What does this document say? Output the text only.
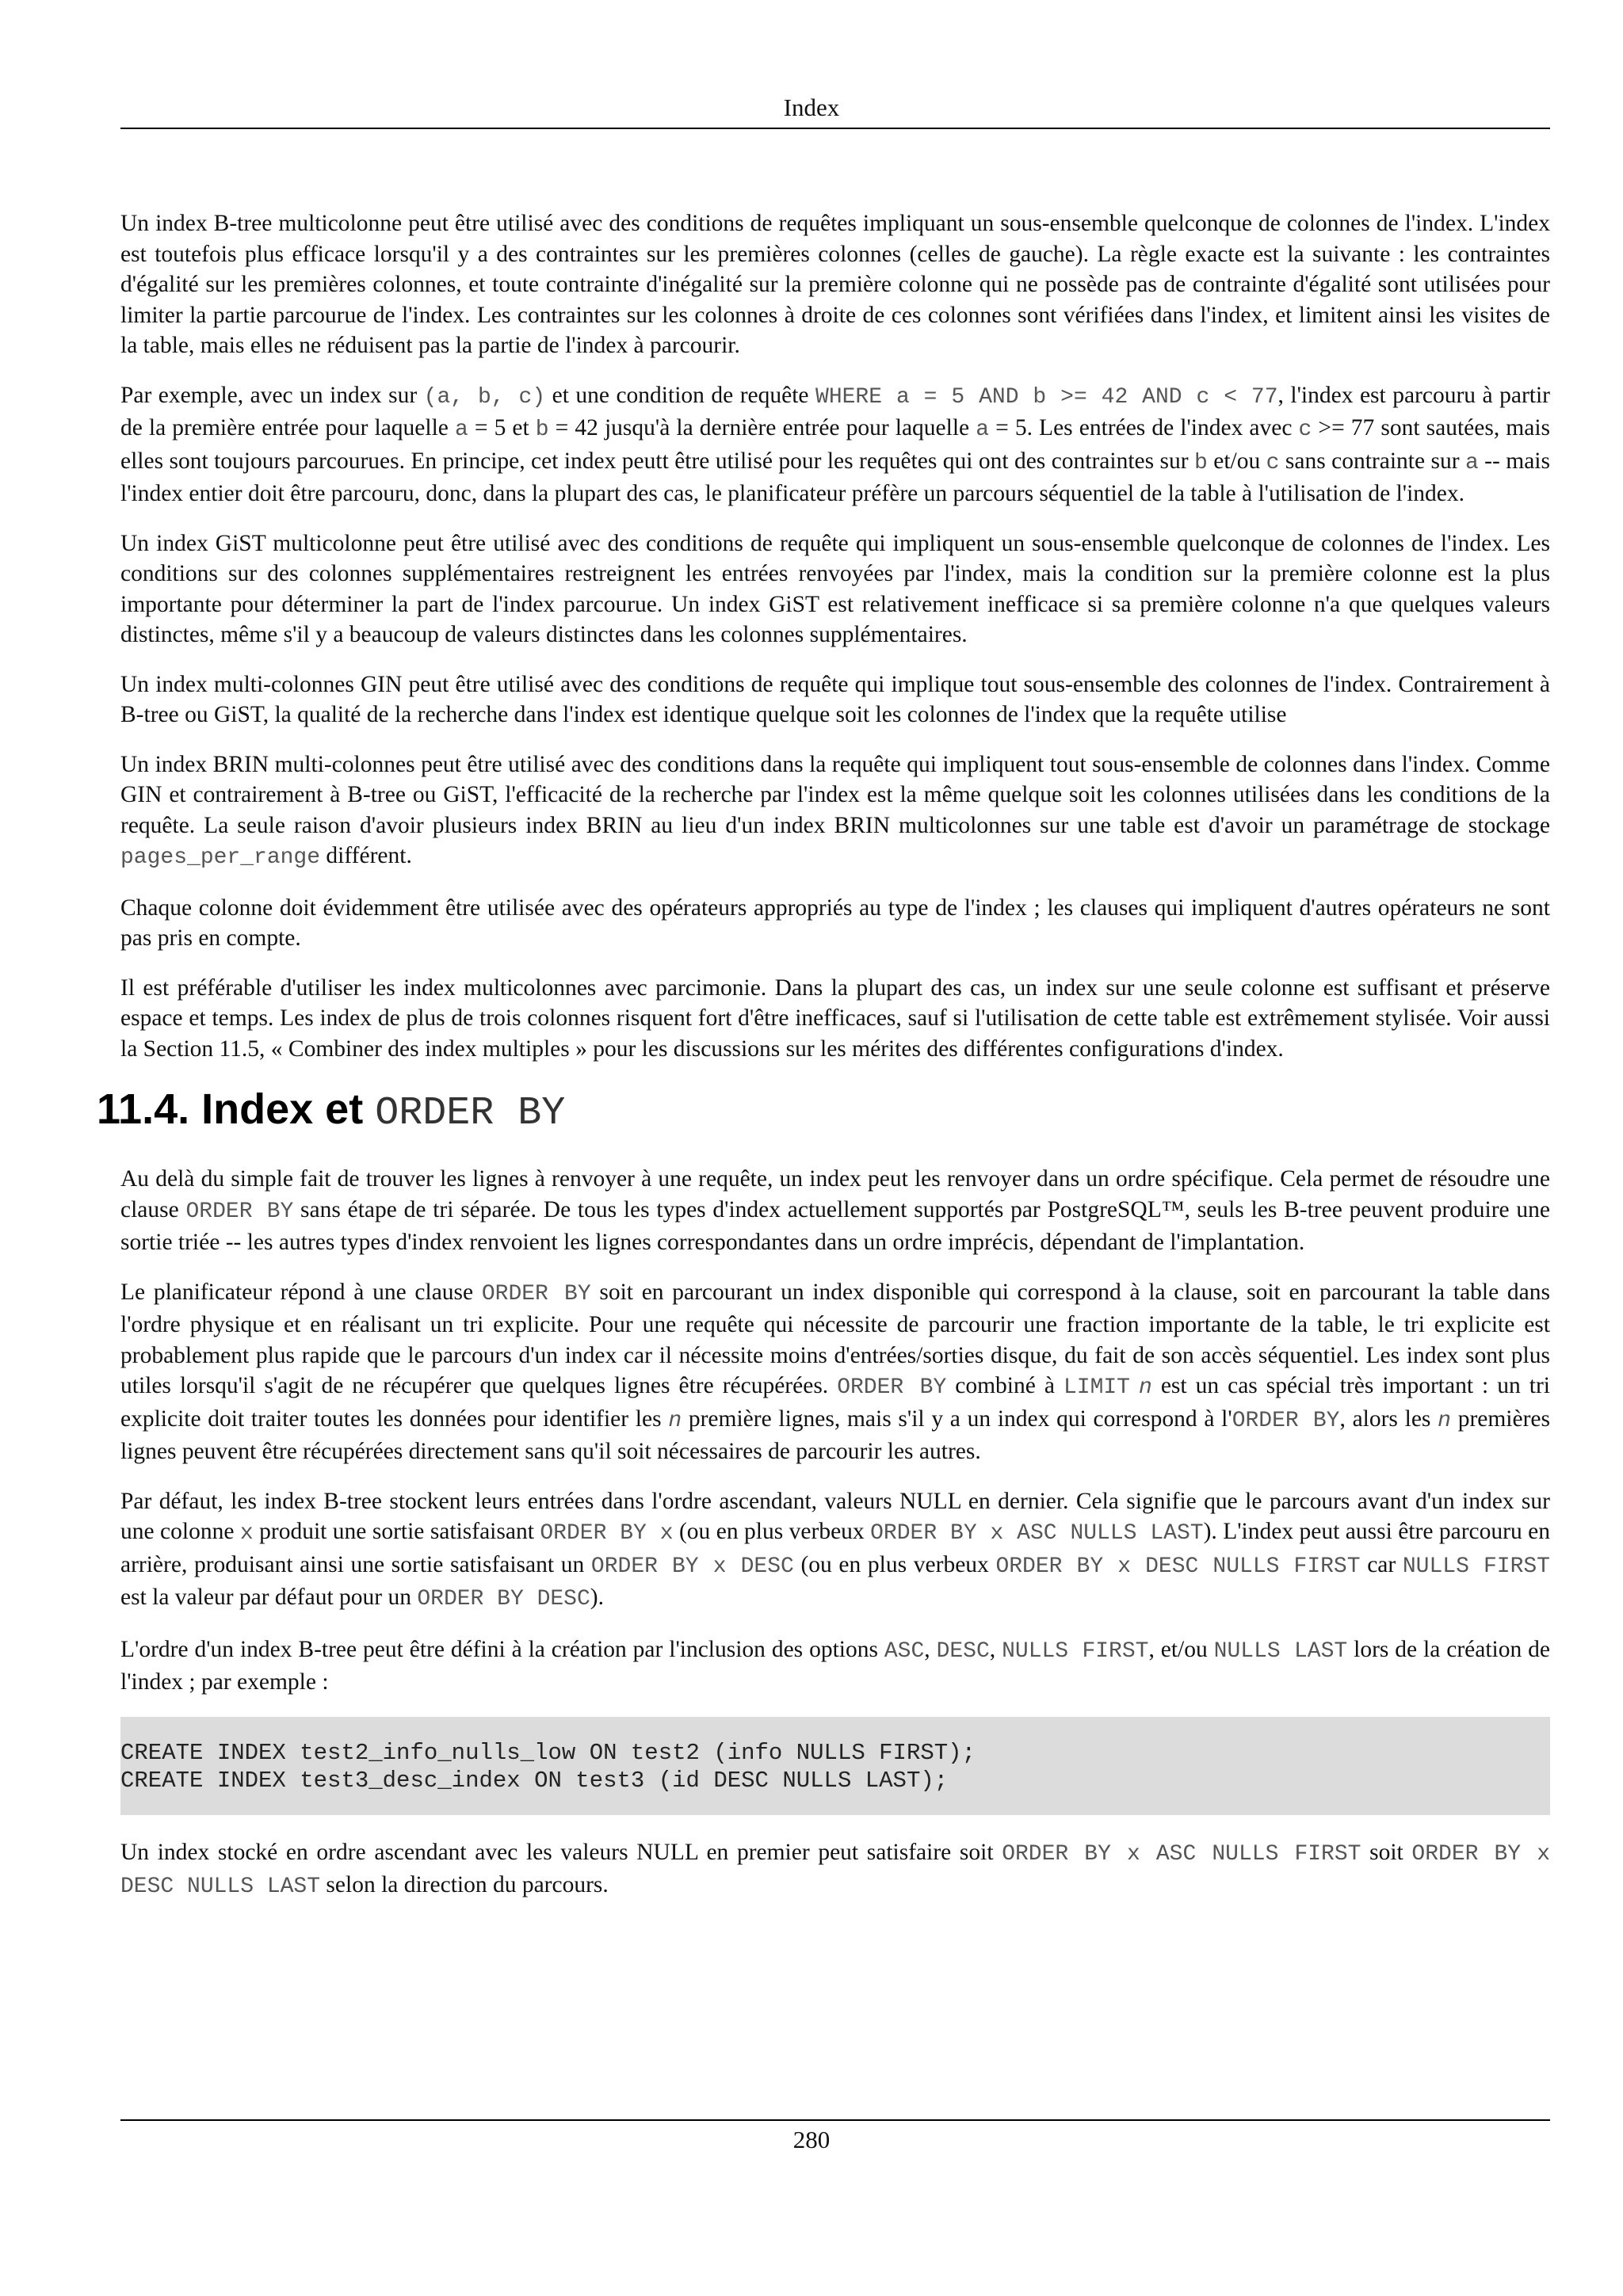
Index

Un index B-tree multicolonne peut être utilisé avec des conditions de requêtes impliquant un sous-ensemble quelconque de colonnes de l'index. L'index est toutefois plus efficace lorsqu'il y a des contraintes sur les premières colonnes (celles de gauche). La règle exacte est la suivante : les contraintes d'égalité sur les premières colonnes, et toute contrainte d'inégalité sur la première colonne qui ne possède pas de contrainte d'égalité sont utilisées pour limiter la partie parcourue de l'index. Les contraintes sur les colonnes à droite de ces colonnes sont vérifiées dans l'index, et limitent ainsi les visites de la table, mais elles ne réduisent pas la partie de l'index à parcourir.

Par exemple, avec un index sur (a, b, c) et une condition de requête WHERE a = 5 AND b >= 42 AND c < 77, l'index est parcouru à partir de la première entrée pour laquelle a = 5 et b = 42 jusqu'à la dernière entrée pour laquelle a = 5. Les entrées de l'index avec c >= 77 sont sautées, mais elles sont toujours parcourues. En principe, cet index peutt être utilisé pour les requêtes qui ont des contraintes sur b et/ou c sans contrainte sur a -- mais l'index entier doit être parcouru, donc, dans la plupart des cas, le planificateur préfère un parcours séquentiel de la table à l'utilisation de l'index.

Un index GiST multicolonne peut être utilisé avec des conditions de requête qui impliquent un sous-ensemble quelconque de colonnes de l'index. Les conditions sur des colonnes supplémentaires restreignent les entrées renvoyées par l'index, mais la condition sur la première colonne est la plus importante pour déterminer la part de l'index parcourue. Un index GiST est relativement inefficace si sa première colonne n'a que quelques valeurs distinctes, même s'il y a beaucoup de valeurs distinctes dans les colonnes supplémentaires.

Un index multi-colonnes GIN peut être utilisé avec des conditions de requête qui implique tout sous-ensemble des colonnes de l'index. Contrairement à B-tree ou GiST, la qualité de la recherche dans l'index est identique quelque soit les colonnes de l'index que la requête utilise

Un index BRIN multi-colonnes peut être utilisé avec des conditions dans la requête qui impliquent tout sous-ensemble de colonnes dans l'index. Comme GIN et contrairement à B-tree ou GiST, l'efficacité de la recherche par l'index est la même quelque soit les colonnes utilisées dans les conditions de la requête. La seule raison d'avoir plusieurs index BRIN au lieu d'un index BRIN multicolonnes sur une table est d'avoir un paramétrage de stockage pages_per_range différent.

Chaque colonne doit évidemment être utilisée avec des opérateurs appropriés au type de l'index ; les clauses qui impliquent d'autres opérateurs ne sont pas pris en compte.

Il est préférable d'utiliser les index multicolonnes avec parcimonie. Dans la plupart des cas, un index sur une seule colonne est suffisant et préserve espace et temps. Les index de plus de trois colonnes risquent fort d'être inefficaces, sauf si l'utilisation de cette table est extrêmement stylisée. Voir aussi la Section 11.5, « Combiner des index multiples » pour les discussions sur les mérites des différentes configurations d'index.

11.4. Index et ORDER BY

Au delà du simple fait de trouver les lignes à renvoyer à une requête, un index peut les renvoyer dans un ordre spécifique. Cela permet de résoudre une clause ORDER BY sans étape de tri séparée. De tous les types d'index actuellement supportés par PostgreSQL™, seuls les B-tree peuvent produire une sortie triée -- les autres types d'index renvoient les lignes correspondantes dans un ordre imprécis, dépendant de l'implantation.

Le planificateur répond à une clause ORDER BY soit en parcourant un index disponible qui correspond à la clause, soit en parcourant la table dans l'ordre physique et en réalisant un tri explicite. Pour une requête qui nécessite de parcourir une fraction importante de la table, le tri explicite est probablement plus rapide que le parcours d'un index car il nécessite moins d'entrées/sorties disque, du fait de son accès séquentiel. Les index sont plus utiles lorsqu'il s'agit de ne récupérer que quelques lignes être récupérées. ORDER BY combiné à LIMIT n est un cas spécial très important : un tri explicite doit traiter toutes les données pour identifier les n première lignes, mais s'il y a un index qui correspond à l'ORDER BY, alors les n premières lignes peuvent être récupérées directement sans qu'il soit nécessaires de parcourir les autres.

Par défaut, les index B-tree stockent leurs entrées dans l'ordre ascendant, valeurs NULL en dernier. Cela signifie que le parcours avant d'un index sur une colonne x produit une sortie satisfaisant ORDER BY x (ou en plus verbeux ORDER BY x ASC NULLS LAST). L'index peut aussi être parcouru en arrière, produisant ainsi une sortie satisfaisant un ORDER BY x DESC (ou en plus verbeux ORDER BY x DESC NULLS FIRST car NULLS FIRST est la valeur par défaut pour un ORDER BY DESC).

L'ordre d'un index B-tree peut être défini à la création par l'inclusion des options ASC, DESC, NULLS FIRST, et/ou NULLS LAST lors de la création de l'index ; par exemple :

CREATE INDEX test2_info_nulls_low ON test2 (info NULLS FIRST);
CREATE INDEX test3_desc_index ON test3 (id DESC NULLS LAST);

Un index stocké en ordre ascendant avec les valeurs NULL en premier peut satisfaire soit ORDER BY x ASC NULLS FIRST soit ORDER BY x DESC NULLS LAST selon la direction du parcours.

280
